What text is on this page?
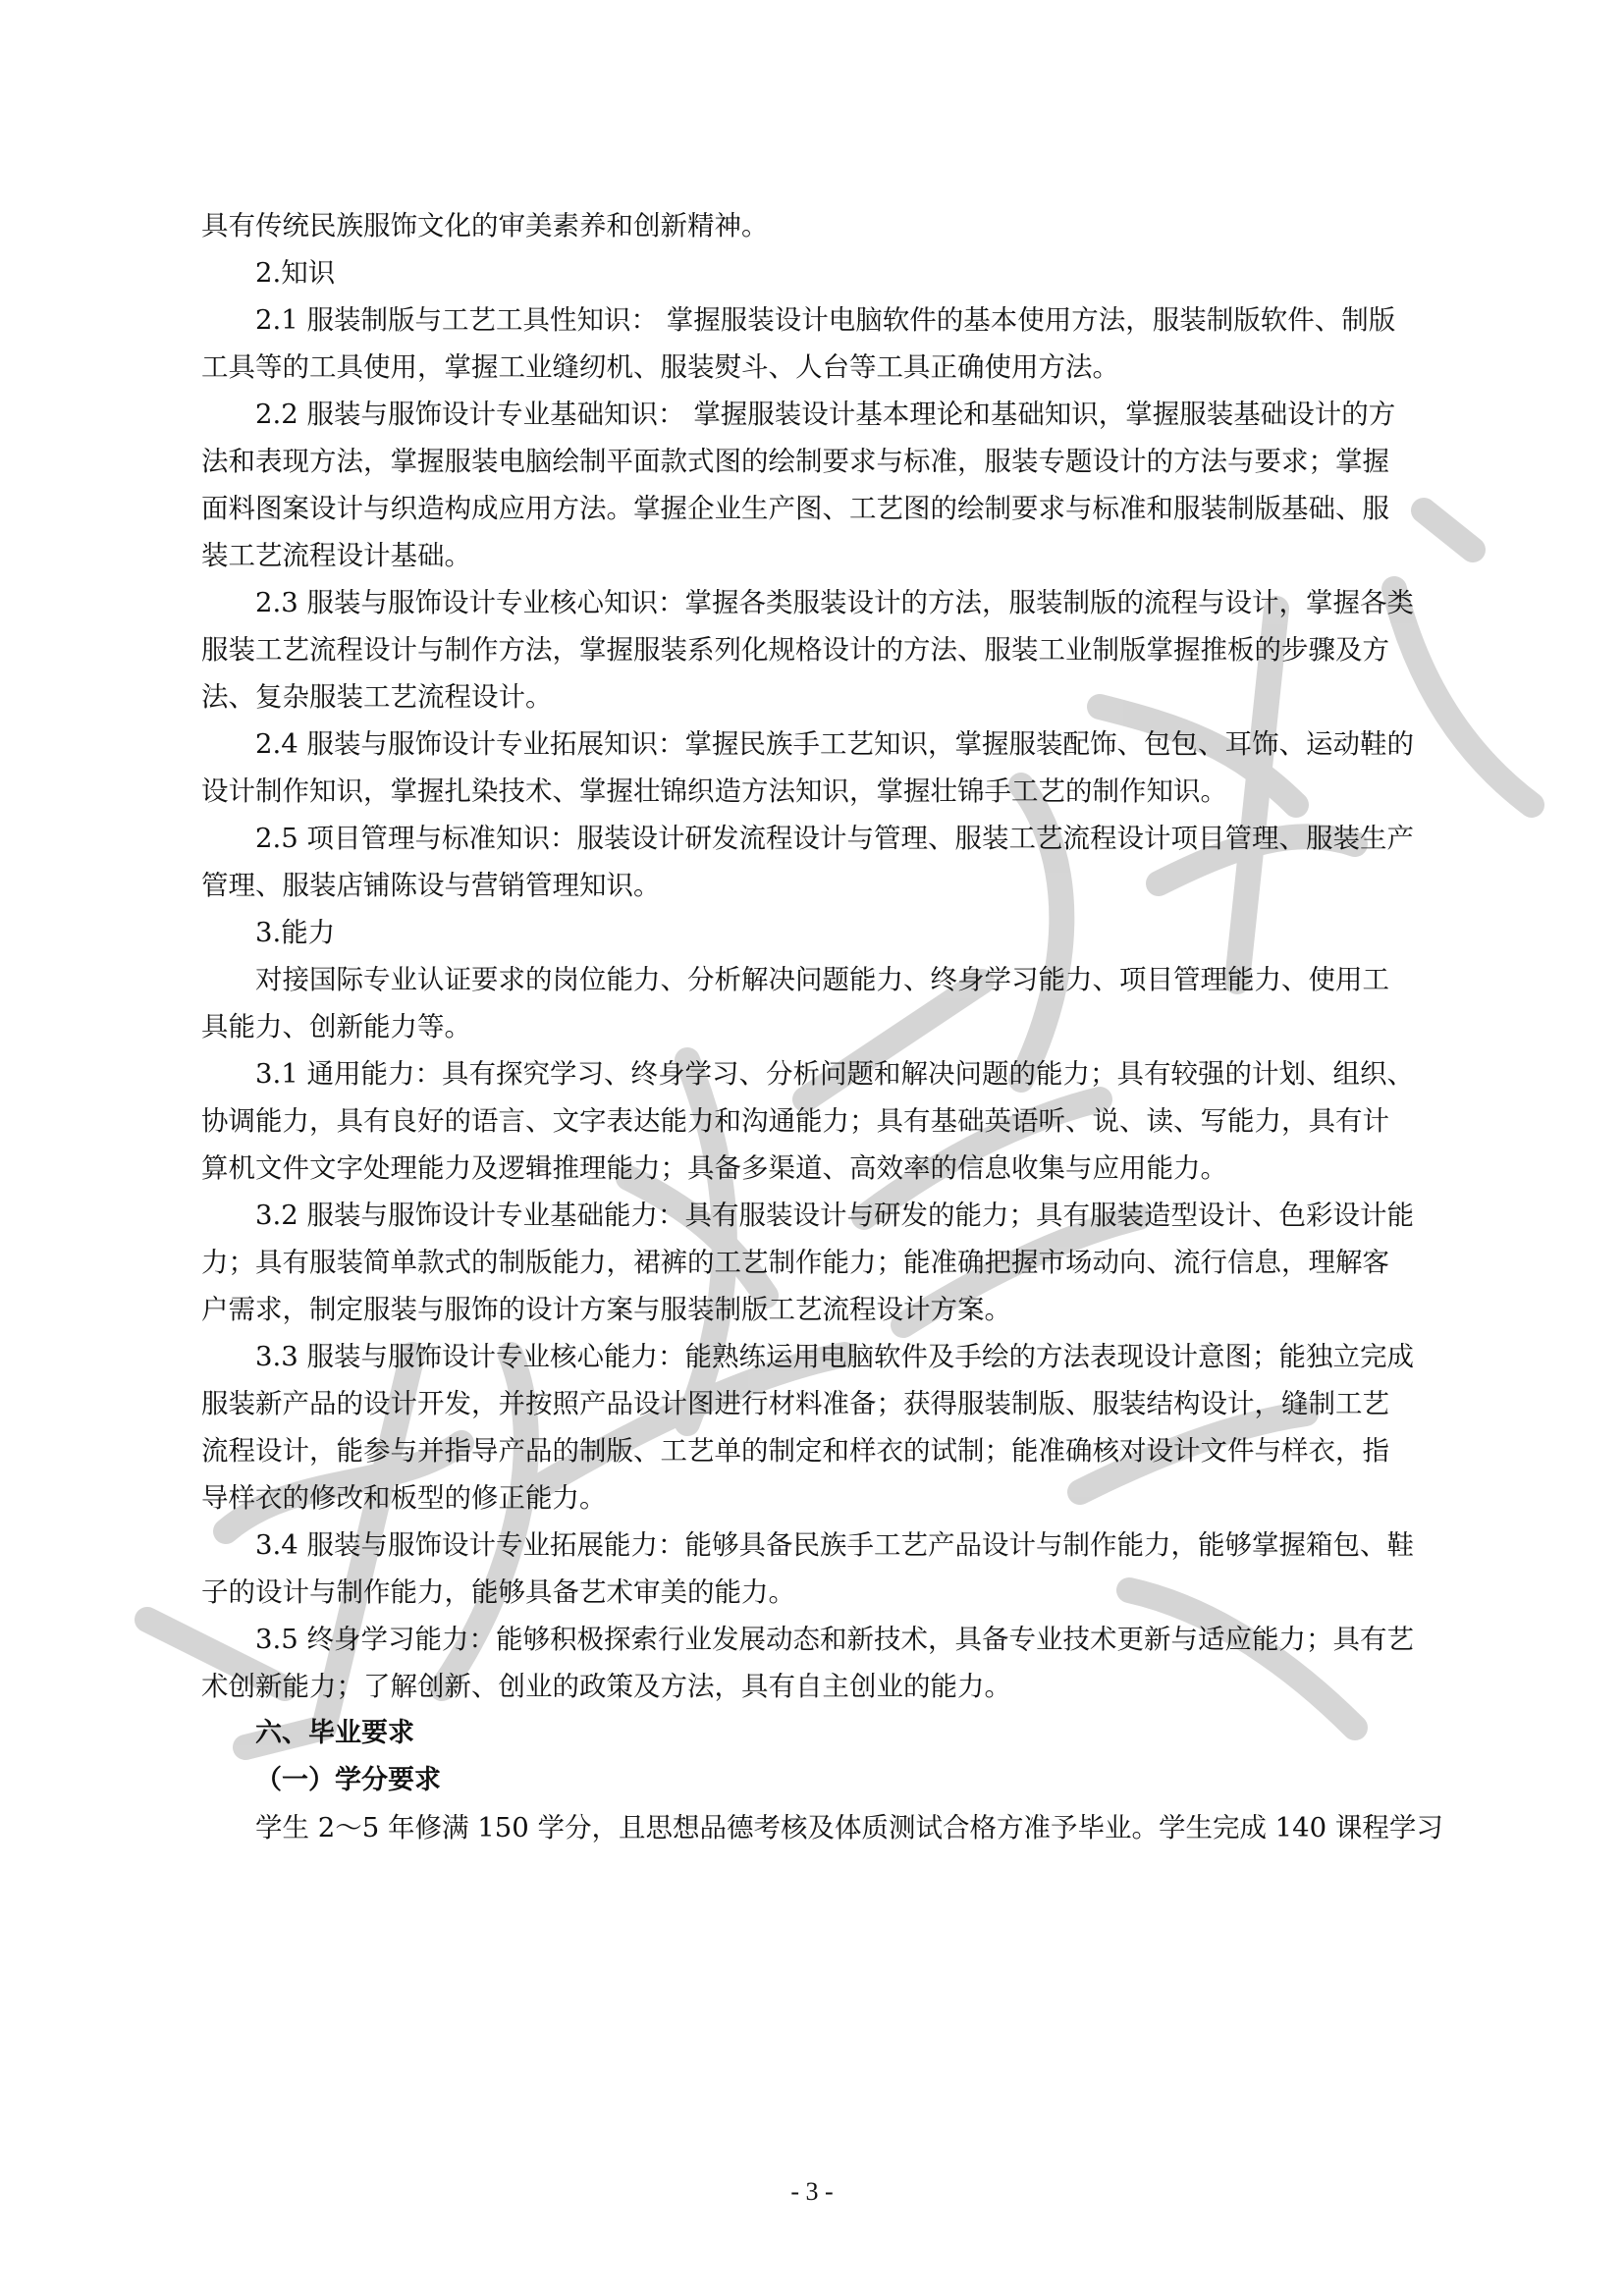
具有传统民族服饰文化的审美素养和创新精神。
2.知识
2.1 服装制版与工艺工具性知识： 掌握服装设计电脑软件的基本使用方法，服装制版软件、制版
工具等的工具使用，掌握工业缝纫机、服装熨斗、人台等工具正确使用方法。
2.2 服装与服饰设计专业基础知识： 掌握服装设计基本理论和基础知识，掌握服装基础设计的方
法和表现方法，掌握服装电脑绘制平面款式图的绘制要求与标准，服装专题设计的方法与要求；掌握
面料图案设计与织造构成应用方法。掌握企业生产图、工艺图的绘制要求与标准和服装制版基础、服
装工艺流程设计基础。
2.3 服装与服饰设计专业核心知识：掌握各类服装设计的方法，服装制版的流程与设计，掌握各类
服装工艺流程设计与制作方法，掌握服装系列化规格设计的方法、服装工业制版掌握推板的步骤及方
法、复杂服装工艺流程设计。
2.4 服装与服饰设计专业拓展知识：掌握民族手工艺知识，掌握服装配饰、包包、耳饰、运动鞋的
设计制作知识，掌握扎染技术、掌握壮锦织造方法知识，掌握壮锦手工艺的制作知识。
2.5 项目管理与标准知识：服装设计研发流程设计与管理、服装工艺流程设计项目管理、服装生产
管理、服装店铺陈设与营销管理知识。
3.能力
对接国际专业认证要求的岗位能力、分析解决问题能力、终身学习能力、项目管理能力、使用工
具能力、创新能力等。
3.1 通用能力：具有探究学习、终身学习、分析问题和解决问题的能力；具有较强的计划、组织、
协调能力，具有良好的语言、文字表达能力和沟通能力；具有基础英语听、说、读、写能力，具有计
算机文件文字处理能力及逻辑推理能力；具备多渠道、高效率的信息收集与应用能力。
3.2 服装与服饰设计专业基础能力：具有服装设计与研发的能力；具有服装造型设计、色彩设计能
力；具有服装简单款式的制版能力，裙裤的工艺制作能力；能准确把握市场动向、流行信息，理解客
户需求，制定服装与服饰的设计方案与服装制版工艺流程设计方案。
3.3 服装与服饰设计专业核心能力：能熟练运用电脑软件及手绘的方法表现设计意图；能独立完成
服装新产品的设计开发，并按照产品设计图进行材料准备；获得服装制版、服装结构设计，缝制工艺
流程设计，能参与并指导产品的制版、工艺单的制定和样衣的试制；能准确核对设计文件与样衣，指
导样衣的修改和板型的修正能力。
3.4 服装与服饰设计专业拓展能力：能够具备民族手工艺产品设计与制作能力，能够掌握箱包、鞋
子的设计与制作能力，能够具备艺术审美的能力。
3.5 终身学习能力：能够积极探索行业发展动态和新技术，具备专业技术更新与适应能力；具有艺
术创新能力；了解创新、创业的政策及方法，具有自主创业的能力。
六、毕业要求
（一）学分要求
学生 2～5 年修满 150 学分，且思想品德考核及体质测试合格方准予毕业。学生完成 140 课程学习
- 3 -
